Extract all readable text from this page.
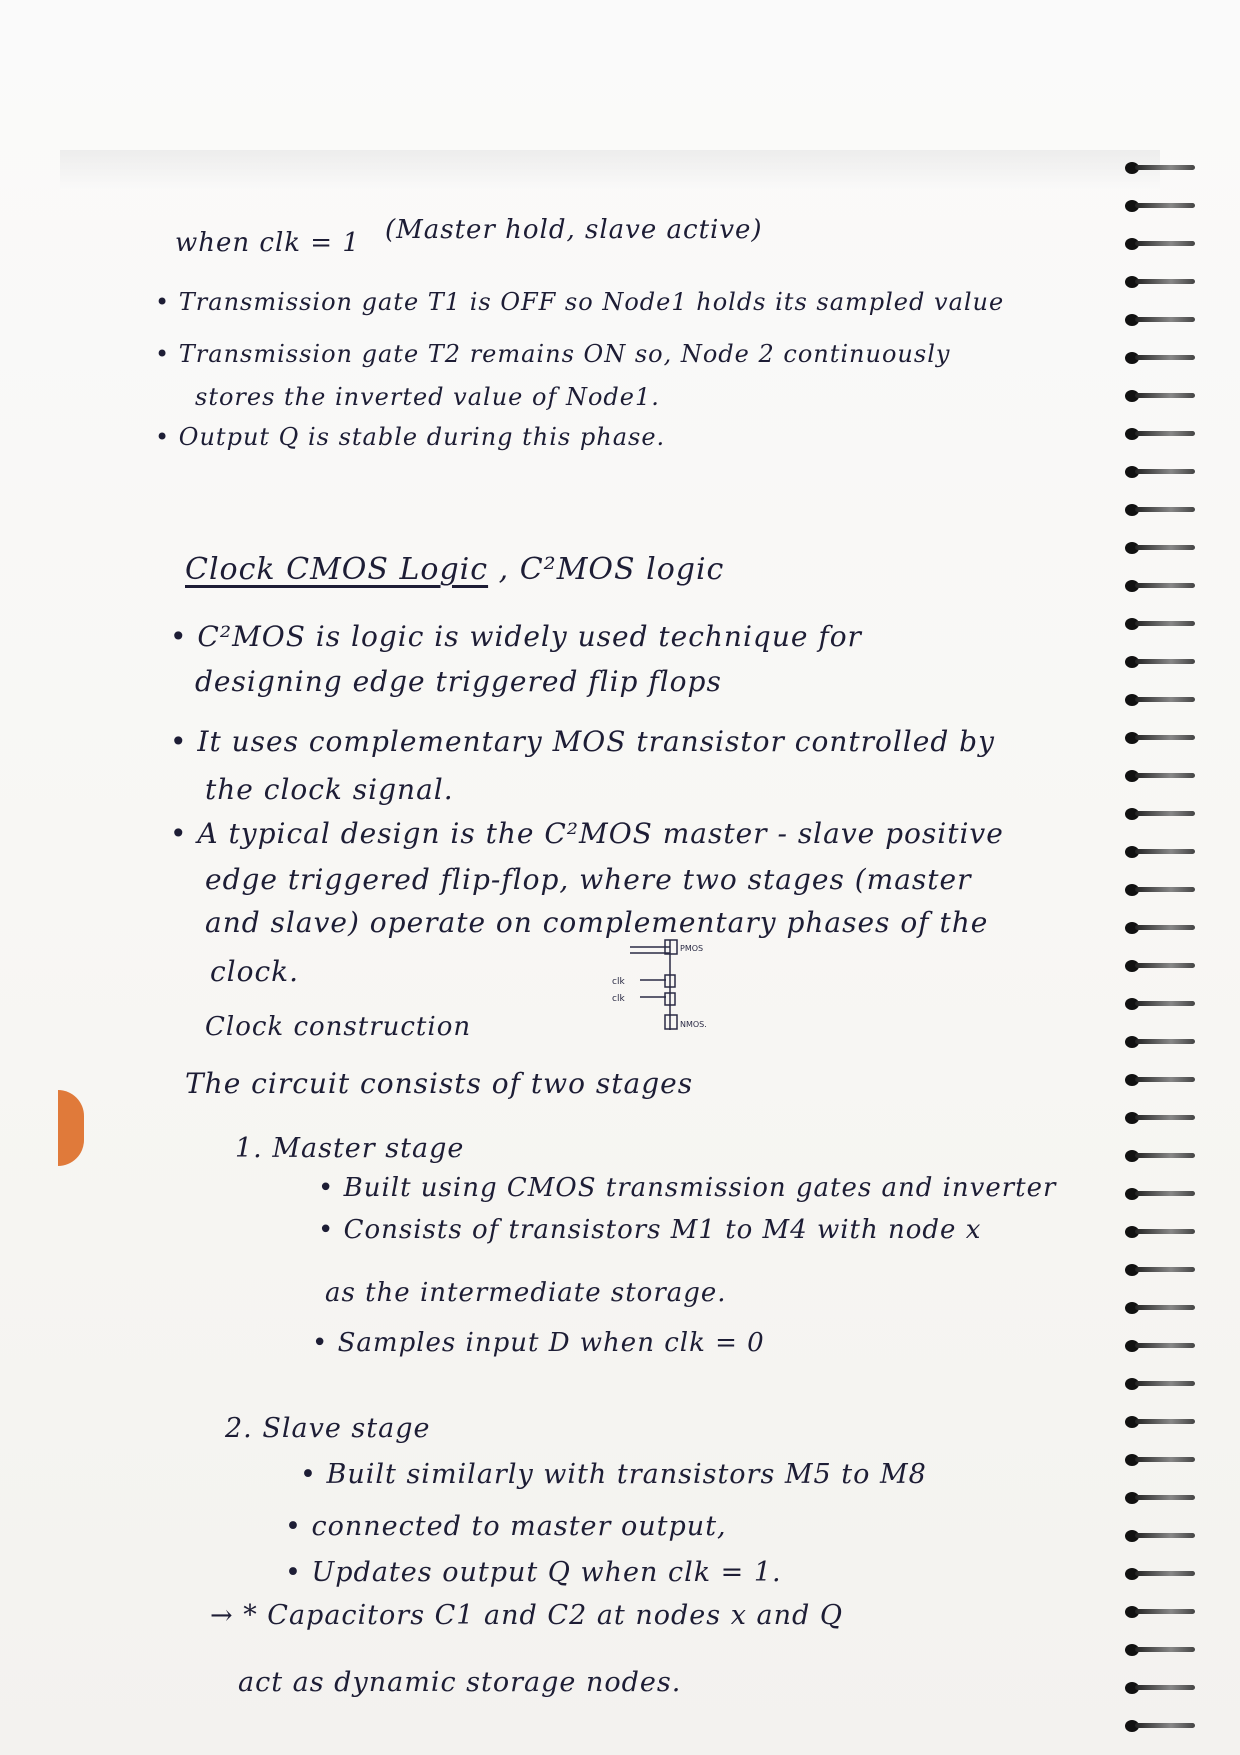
when clk = 1 (Master hold, slave active)
• Transmission gate T1 is OFF so Node1 holds its sampled value
• Transmission gate T2 remains ON so, Node 2 continuously
stores the inverted value of Node1.
• Output Q is stable during this phase.
Clock CMOS Logic , C²MOS logic
• C²MOS is logic is widely used technique for
designing edge triggered flip flops
• It uses complementary MOS transistor controlled by
the clock signal.
• A typical design is the C²MOS master - slave positive
edge triggered flip-flop, where two stages (master
and slave) operate on complementary phases of the
clock.
PMOS
NMOS.
clk
clk
Clock construction
The circuit consists of two stages
1. Master stage
• Built using CMOS transmission gates and inverter
• Consists of transistors M1 to M4 with node x
as the intermediate storage.
• Samples input D when clk = 0
2. Slave stage
• Built similarly with transistors M5 to M8
• connected to master output,
• Updates output Q when clk = 1.
→ * Capacitors C1 and C2 at nodes x and Q
act as dynamic storage nodes.
